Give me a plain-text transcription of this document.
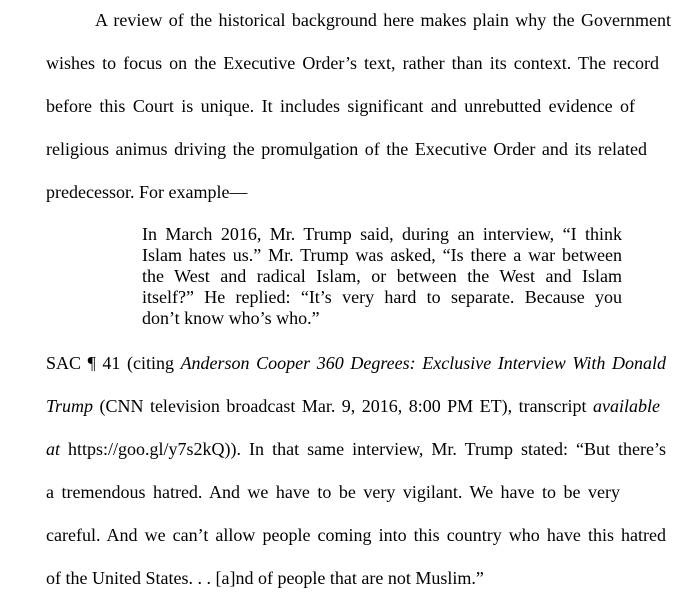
A review of the historical background here makes plain why the Government
wishes to focus on the Executive Order’s text, rather than its context. The record
before this Court is unique. It includes significant and unrebutted evidence of
religious animus driving the promulgation of the Executive Order and its related
predecessor. For example—
In March 2016, Mr. Trump said, during an interview, “I think
Islam hates us.” Mr. Trump was asked, “Is there a war between
the West and radical Islam, or between the West and Islam
itself?” He replied: “It’s very hard to separate. Because you
don’t know who’s who.”
SAC ¶ 41 (citing Anderson Cooper 360 Degrees: Exclusive Interview With Donald
Trump (CNN television broadcast Mar. 9, 2016, 8:00 PM ET), transcript available
at https://goo.gl/y7s2kQ)). In that same interview, Mr. Trump stated: “But there’s
a tremendous hatred. And we have to be very vigilant. We have to be very
careful. And we can’t allow people coming into this country who have this hatred
of the United States. . . [a]nd of people that are not Muslim.”
